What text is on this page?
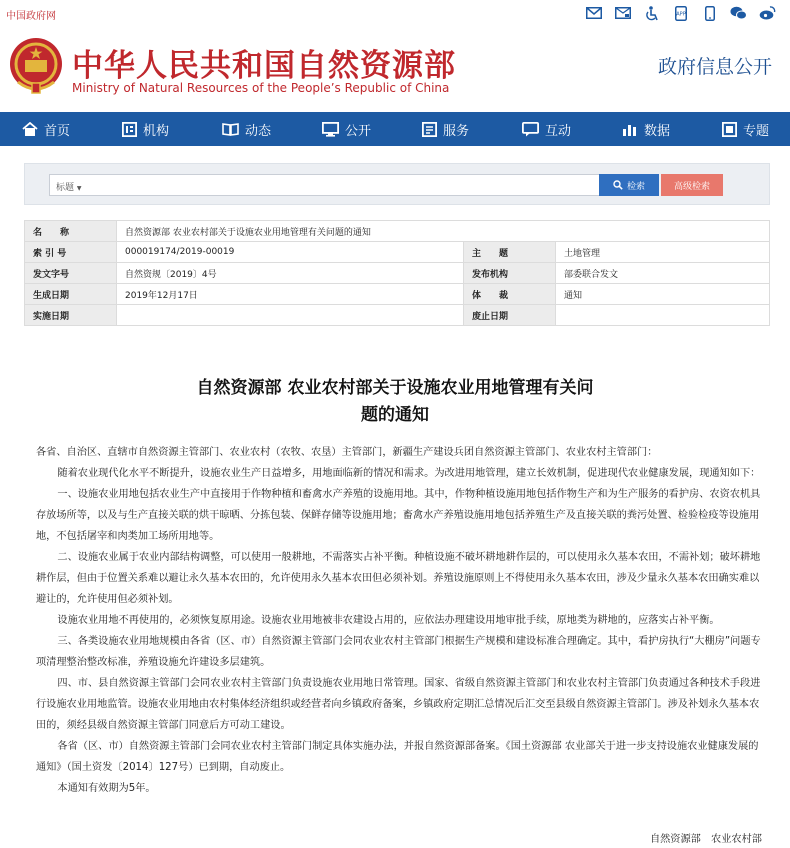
中国政府网	APP
中华人民共和国自然资源部
Ministry of Natural Resources of the People’s Republic of China
政府信息公开
首页	机构	动态	公开	服务	互动	数据	专题
标题 ▼	检索	高级检索
名　　称	自然资源部 农业农村部关于设施农业用地管理有关问题的通知		
索 引 号	000019174/2019-00019	主　　题	土地管理
发文字号	自然资规〔2019〕4号	发布机构	部委联合发文
生成日期	2019年12月17日	体　　裁	通知
实施日期		废止日期	
自然资源部 农业农村部关于设施农业用地管理有关问
题的通知

各省、自治区、直辖市自然资源主管部门、农业农村（农牧、农垦）主管部门，新疆生产建设兵团自然资源主管部门、农业农村主管部门：

随着农业现代化水平不断提升，设施农业生产日益增多，用地面临新的情况和需求。为改进用地管理，建立长效机制，促进现代农业健康发展，现通知如下：

一、设施农业用地包括农业生产中直接用于作物种植和畜禽水产养殖的设施用地。其中，作物种植设施用地包括作物生产和为生产服务的看护房、农资农机具存放场所等，以及与生产直接关联的烘干晾晒、分拣包装、保鲜存储等设施用地；畜禽水产养殖设施用地包括养殖生产及直接关联的粪污处置、检验检疫等设施用地，不包括屠宰和肉类加工场所用地等。

二、设施农业属于农业内部结构调整，可以使用一般耕地，不需落实占补平衡。种植设施不破坏耕地耕作层的，可以使用永久基本农田，不需补划；破坏耕地耕作层，但由于位置关系难以避让永久基本农田的，允许使用永久基本农田但必须补划。养殖设施原则上不得使用永久基本农田，涉及少量永久基本农田确实难以避让的，允许使用但必须补划。

设施农业用地不再使用的，必须恢复原用途。设施农业用地被非农建设占用的，应依法办理建设用地审批手续，原地类为耕地的，应落实占补平衡。

三、各类设施农业用地规模由各省（区、市）自然资源主管部门会同农业农村主管部门根据生产规模和建设标准合理确定。其中，看护房执行“大棚房”问题专项清理整治整改标准，养殖设施允许建设多层建筑。

四、市、县自然资源主管部门会同农业农村主管部门负责设施农业用地日常管理。国家、省级自然资源主管部门和农业农村主管部门负责通过各种技术手段进行设施农业用地监管。设施农业用地由农村集体经济组织或经营者向乡镇政府备案，乡镇政府定期汇总情况后汇交至县级自然资源主管部门。涉及补划永久基本农田的，须经县级自然资源主管部门同意后方可动工建设。

各省（区、市）自然资源主管部门会同农业农村主管部门制定具体实施办法，并报自然资源部备案。《国土资源部 农业部关于进一步支持设施农业健康发展的通知》（国土资发〔2014〕127号）已到期，自动废止。

本通知有效期为5年。

自然资源部　农业农村部
